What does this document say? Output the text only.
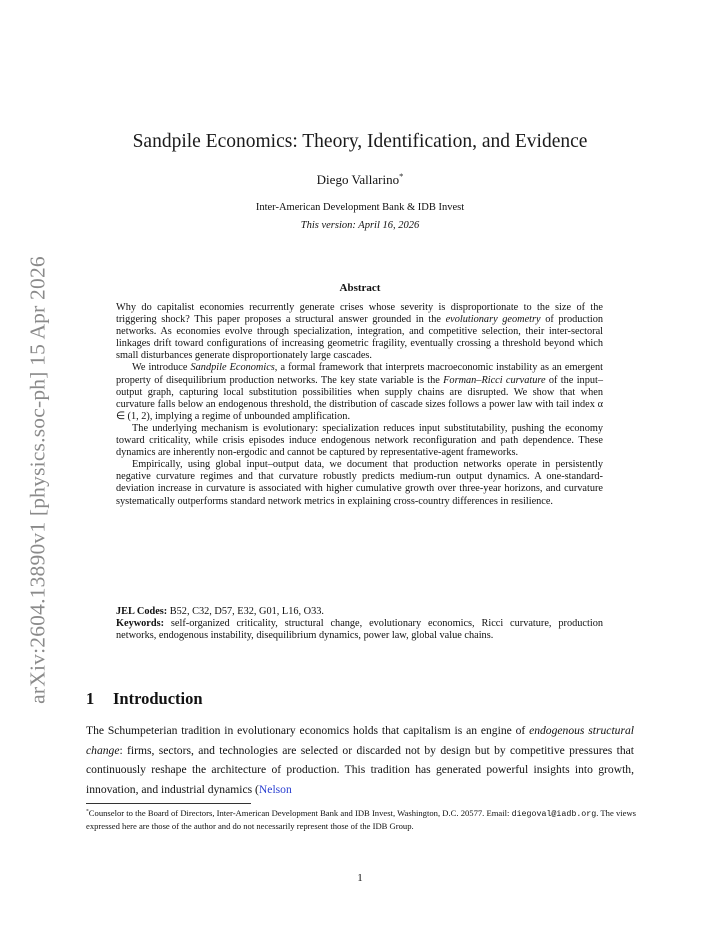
arXiv:2604.13890v1 [physics.soc-ph] 15 Apr 2026
Sandpile Economics: Theory, Identification, and Evidence
Diego Vallarino*
Inter-American Development Bank & IDB Invest
This version: April 16, 2026
Abstract

Why do capitalist economies recurrently generate crises whose severity is disproportionate to the size of the triggering shock? This paper proposes a structural answer grounded in the evolutionary geometry of production networks. As economies evolve through specialization, integration, and competitive selection, their inter-sectoral linkages drift toward configurations of increasing geometric fragility, eventually crossing a threshold beyond which small disturbances generate disproportionately large cascades.

We introduce Sandpile Economics, a formal framework that interprets macroeconomic instability as an emergent property of disequilibrium production networks. The key state variable is the Forman–Ricci curvature of the input–output graph, capturing local substitution possibilities when supply chains are disrupted. We show that when curvature falls below an endogenous threshold, the distribution of cascade sizes follows a power law with tail index α ∈ (1, 2), implying a regime of unbounded amplification.

The underlying mechanism is evolutionary: specialization reduces input substitutability, pushing the economy toward criticality, while crisis episodes induce endogenous network reconfiguration and path dependence. These dynamics are inherently non-ergodic and cannot be captured by representative-agent frameworks.

Empirically, using global input–output data, we document that production networks operate in persistently negative curvature regimes and that curvature robustly predicts medium-run output dynamics. A one-standard-deviation increase in curvature is associated with higher cumulative growth over three-year horizons, and curvature systematically outperforms standard network metrics in explaining cross-country differences in resilience.

JEL Codes: B52, C32, D57, E32, G01, L16, O33.

Keywords: self-organized criticality, structural change, evolutionary economics, Ricci curvature, production networks, endogenous instability, disequilibrium dynamics, power law, global value chains.

1 Introduction
The Schumpeterian tradition in evolutionary economics holds that capitalism is an engine of endogenous structural change: firms, sectors, and technologies are selected or discarded not by design but by competitive pressures that continuously reshape the architecture of production. This tradition has generated powerful insights into growth, innovation, and industrial dynamics (Nelson
*Counselor to the Board of Directors, Inter-American Development Bank and IDB Invest, Washington, D.C. 20577. Email: diegoval@iadb.org. The views expressed here are those of the author and do not necessarily represent those of the IDB Group.
1
